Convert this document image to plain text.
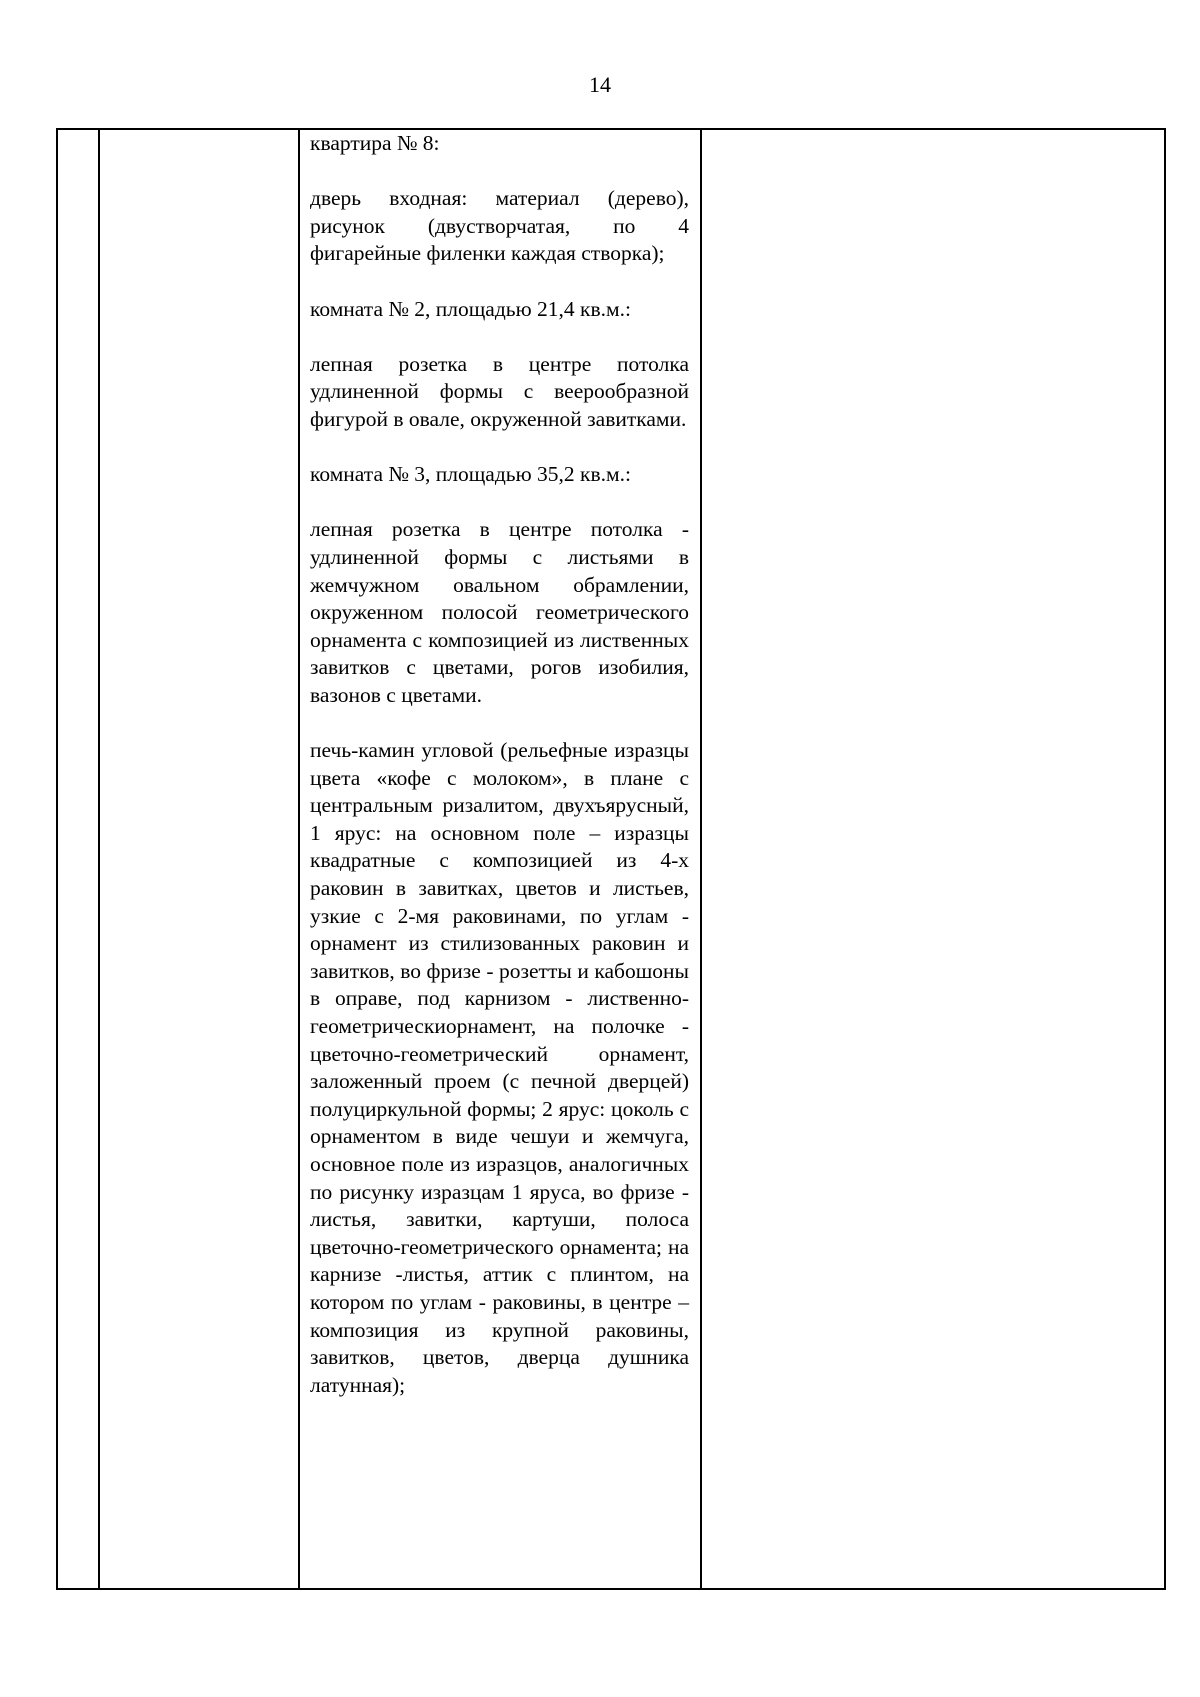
14

квартира № 8:

дверь входная: материал (дерево), рисунок (двустворчатая, по 4 фигарейные филенки каждая створка);

комната № 2, площадью 21,4 кв.м.:

лепная розетка в центре потолка удлиненной формы с веерообразной фигурой в овале, окруженной завитками.

комната № 3, площадью 35,2 кв.м.:

лепная розетка в центре потолка - удлиненной формы с листьями в жемчужном овальном обрамлении, окруженном полосой геометрического орнамента с композицией из лиственных завитков с цветами, рогов изобилия, вазонов с цветами.

печь-камин угловой (рельефные изразцы цвета «кофе с молоком», в плане с центральным ризалитом, двухъярусный, 1 ярус: на основном поле – изразцы квадратные с композицией из 4-х раковин в завитках, цветов и листьев, узкие с 2-мя раковинами, по углам - орнамент из стилизованных раковин и завитков, во фризе - розетты и кабошоны в оправе, под карнизом - лиственно-геометрическиорнамент, на полочке - цветочно-геометрический орнамент, заложенный проем (с печной дверцей) полуциркульной формы; 2 ярус: цоколь с орнаментом в виде чешуи и жемчуга, основное поле из изразцов, аналогичных по рисунку изразцам 1 яруса, во фризе - листья, завитки, картуши, полоса цветочно-геометрического орнамента; на карнизе -листья, аттик с плинтом, на котором по углам - раковины, в центре – композиция из крупной раковины, завитков, цветов, дверца душника латунная);
